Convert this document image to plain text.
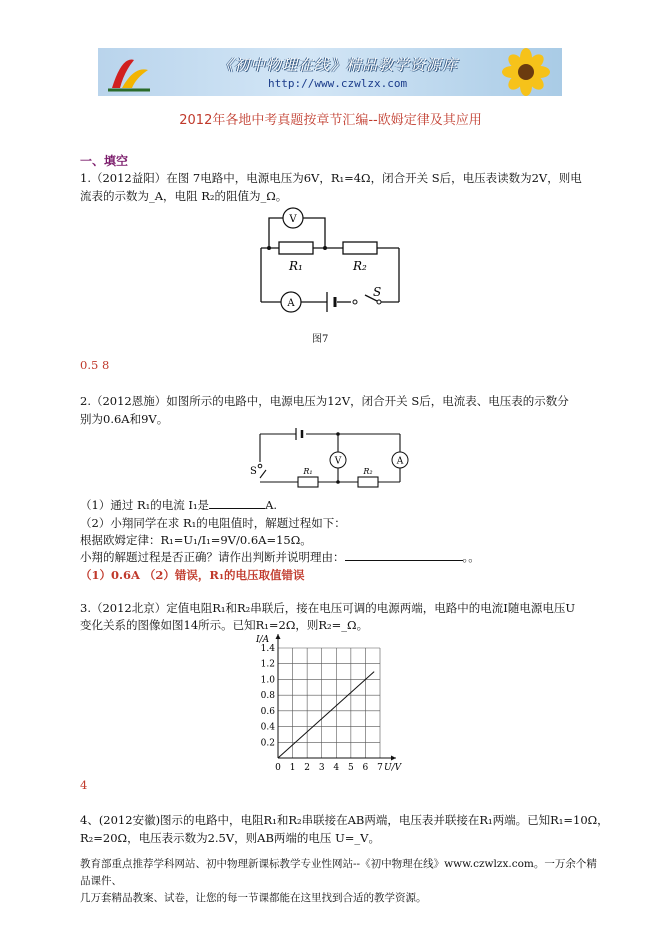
《初中物理在线》精品教学资源库
http://www.czwlzx.com
2012年各地中考真题按章节汇编--欧姆定律及其应用
一、填空
1.（2012益阳）在图 7电路中，电源电压为6V，R₁=4Ω，闭合开关 S后，电压表读数为2V，则电
流表的示数为_A，电阻 R₂的阻值为_Ω。
V
A
R₁	R₂
S
图7
0.5 8
2.（2012恩施）如图所示的电路中，电源电压为12V，闭合开关 S后，电流表、电压表的示数分
别为0.6A和9V。
V	A
R₁	R₂
S
（1）通过 R₁的电流 I₁是	A.
（2）小翔同学在求 R₁的电阻值时，解题过程如下：
根据欧姆定律：R₁=U₁/I₁=9V/0.6A=15Ω。
小翔的解题过程是否正确？请作出判断并说明理由：	。。
（1）0.6A （2）错误，R₁的电压取值错误
3.（2012北京）定值电阻R₁和R₂串联后，接在电压可调的电源两端，电路中的电流I随电源电压U
变化关系的图像如图14所示。已知R₁=2Ω，则R₂=_Ω。
0 1 2 3 4 5 6 7
0.2
0.4
0.6
0.8
1.0
1.2
1.4
U/V
I/A
4
4、(2012安徽)图示的电路中，电阻R₁和R₂串联接在AB两端，电压表并联接在R₁两端。已知R₁=10Ω，
R₂=20Ω，电压表示数为2.5V，则AB两端的电压 U=_V。
教育部重点推荐学科网站、初中物理新课标教学专业性网站--《初中物理在线》www.czwlzx.com。一万余个精品课件、
几万套精品教案、试卷，让您的每一节课都能在这里找到合适的教学资源。
